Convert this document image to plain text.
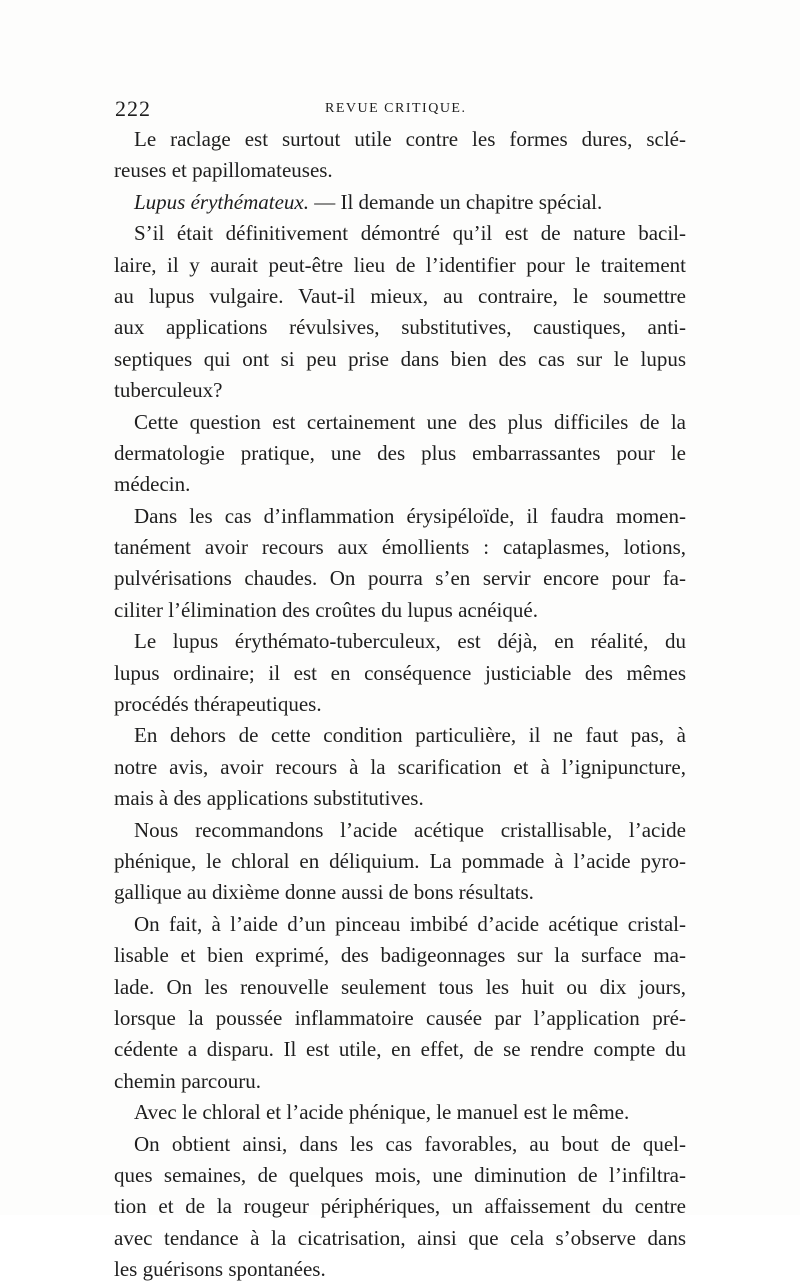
222	REVUE CRITIQUE.
Le raclage est surtout utile contre les formes dures, sclé-
reuses et papillomateuses.
Lupus érythémateux. — Il demande un chapitre spécial.
S’il était définitivement démontré qu’il est de nature bacil-
laire, il y aurait peut-être lieu de l’identifier pour le traitement
au lupus vulgaire. Vaut-il mieux, au contraire, le soumettre
aux applications révulsives, substitutives, caustiques, anti-
septiques qui ont si peu prise dans bien des cas sur le lupus
tuberculeux?
Cette question est certainement une des plus difficiles de la
dermatologie pratique, une des plus embarrassantes pour le
médecin.
Dans les cas d’inflammation érysipéloïde, il faudra momen-
tanément avoir recours aux émollients : cataplasmes, lotions,
pulvérisations chaudes. On pourra s’en servir encore pour fa-
ciliter l’élimination des croûtes du lupus acnéiqué.
Le lupus érythémato-tuberculeux, est déjà, en réalité, du
lupus ordinaire; il est en conséquence justiciable des mêmes
procédés thérapeutiques.
En dehors de cette condition particulière, il ne faut pas, à
notre avis, avoir recours à la scarification et à l’ignipuncture,
mais à des applications substitutives.
Nous recommandons l’acide acétique cristallisable, l’acide
phénique, le chloral en déliquium. La pommade à l’acide pyro-
gallique au dixième donne aussi de bons résultats.
On fait, à l’aide d’un pinceau imbibé d’acide acétique cristal-
lisable et bien exprimé, des badigeonnages sur la surface ma-
lade. On les renouvelle seulement tous les huit ou dix jours,
lorsque la poussée inflammatoire causée par l’application pré-
cédente a disparu. Il est utile, en effet, de se rendre compte du
chemin parcouru.
Avec le chloral et l’acide phénique, le manuel est le même.
On obtient ainsi, dans les cas favorables, au bout de quel-
ques semaines, de quelques mois, une diminution de l’infiltra-
tion et de la rougeur périphériques, un affaissement du centre
avec tendance à la cicatrisation, ainsi que cela s’observe dans
les guérisons spontanées.
